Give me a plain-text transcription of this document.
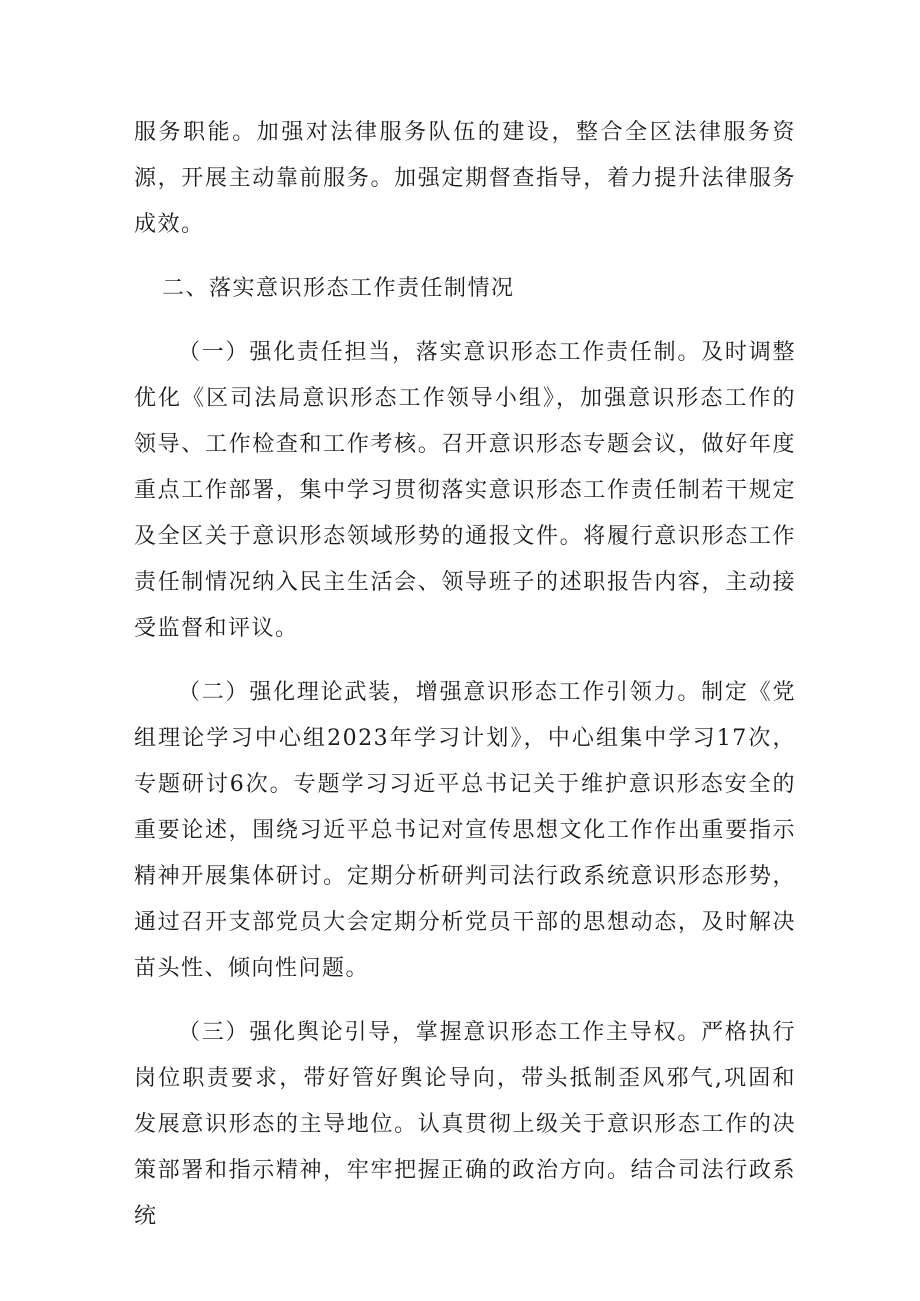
服务职能。加强对法律服务队伍的建设，整合全区法律服务资源，开展主动靠前服务。加强定期督查指导，着力提升法律服务成效。

二、落实意识形态工作责任制情况

（一）强化责任担当，落实意识形态工作责任制。及时调整优化《区司法局意识形态工作领导小组》，加强意识形态工作的领导、工作检查和工作考核。召开意识形态专题会议，做好年度重点工作部署，集中学习贯彻落实意识形态工作责任制若干规定及全区关于意识形态领域形势的通报文件。将履行意识形态工作责任制情况纳入民主生活会、领导班子的述职报告内容，主动接受监督和评议。

（二）强化理论武装，增强意识形态工作引领力。制定《党组理论学习中心组2023年学习计划》，中心组集中学习17次，专题研讨6次。专题学习习近平总书记关于维护意识形态安全的重要论述，围绕习近平总书记对宣传思想文化工作作出重要指示精神开展集体研讨。定期分析研判司法行政系统意识形态形势，通过召开支部党员大会定期分析党员干部的思想动态，及时解决苗头性、倾向性问题。

（三）强化舆论引导，掌握意识形态工作主导权。严格执行岗位职责要求，带好管好舆论导向，带头抵制歪风邪气,巩固和发展意识形态的主导地位。认真贯彻上级关于意识形态工作的决策部署和指示精神，牢牢把握正确的政治方向。结合司法行政系统
